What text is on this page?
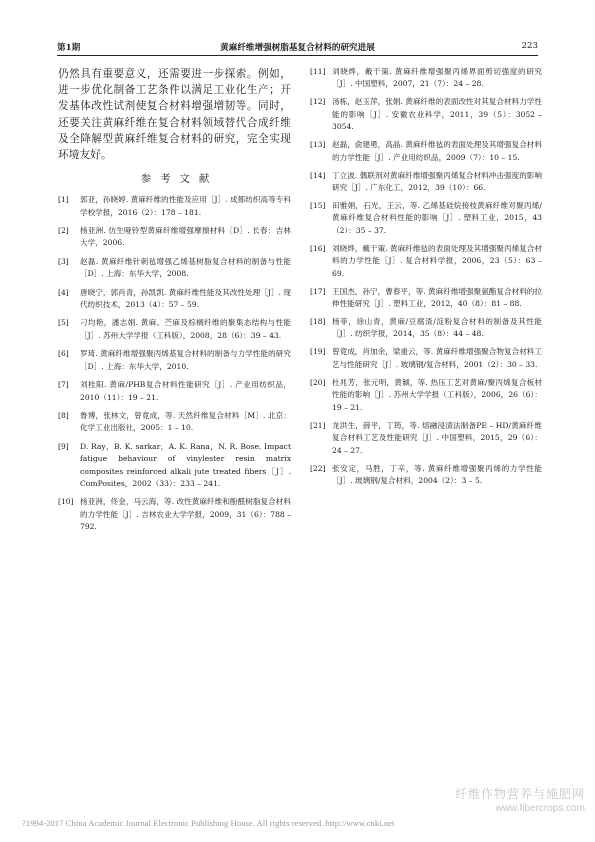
第1期	黄麻纤维增强树脂基复合材料的研究进展	223

仍然具有重要意义，还需要进一步探索。例如，进一步优化制备工艺条件以满足工业化生产；开发基体改性试剂使复合材料增强增韧等。同时，还要关注黄麻纤维在复合材料领域替代合成纤维及全降解型黄麻纤维复合材料的研究，完全实现环境友好。

参考文献
[1] 郭亚，孙晓婷. 黄麻纤维的性能及应用［J］. 成都纺织高等专科学校学报，2016（2）：178 – 181.
[2] 杨亚洲. 仿生哑铃型黄麻纤维增强摩擦材料［D］. 长春：吉林大学，2006.
[3] 赵磊. 黄麻纤维针刺毡增强乙烯基树脂复合材料的制备与性能［D］. 上海：东华大学，2008.
[4] 唐晓宁，郭肖青，孙凯凯. 黄麻纤维性能及其改性处理［J］. 现代纺织技术，2013（4）：57 – 59.
[5] 刁均艳，潘志娟. 黄麻、苎麻及棕榈纤维的聚集态结构与性能［J］. 苏州大学学报（工科版），2008，28（6）：39 – 43.
[6] 罗琦. 黄麻纤维增强聚丙烯基复合材料的制备与力学性能的研究［D］. 上海：东华大学，2010.
[7] 刘桂阳. 黄麻/PHB复合材料性能研究［J］. 产业用纺织品，2010（11）：19 – 21.
[8] 鲁博，张林文，曾竟成，等. 天然纤维复合材料［M］. 北京：化学工业出版社，2005：1 – 10.
[9] D. Ray，B. K. sarkar，A. K. Rana，N. R. Bose. Impact fatigue behaviour of vinylester resin matrix composites reinforced alkali jute treated fibers［J］. ComPosites，2002（33）：233 – 241.
[10] 杨亚洲，佟金，马云海，等. 改性黄麻纤维和酚醛树脂复合材料的力学性能［J］. 吉林农业大学学报，2009，31（6）：788 – 792.
[11] 刘晓烨，戴干策. 黄麻纤维增强聚丙烯界面剪切强度的研究［J］. 中国塑料，2007，21（7）：24 – 28.
[12] 汤栋，赵玉萍，张娟. 黄麻纤维的表面改性对其复合材料力学性能的影响［J］. 安徽农业科学，2011，39（5）：3052 – 3054.
[13] 赵磊，俞建勇，高晶. 黄麻纤维毡的表面处理及其增强复合材料的力学性能［J］. 产业用纺织品，2009（7）：10 – 15.
[14] 丁立波. 偶联剂对黄麻纤维增强聚丙烯复合材料冲击强度的影响研究［J］. 广东化工，2012，39（10）：66.
[15] 田雅娟，石光，王云，等. 乙烯基硅烷接枝黄麻纤维对聚丙烯/黄麻纤维复合材料性能的影响［J］. 塑料工业，2015，43（2）：35 – 37.
[16] 刘晓烨，戴干策. 黄麻纤维毡的表面处理及其增强聚丙烯复合材料的力学性能［J］. 复合材料学报，2006，23（5）：63 – 69.
[17] 王国杰，孙宁，曹春平，等. 黄麻纤维增强聚氨酯复合材料的拉伸性能研究［J］. 塑料工业，2012，40（8）：81 – 88.
[18] 杨菲，徐山青，黄麻/豆腐渣/淀粉复合材料的制备及其性能［J］. 纺织学报，2014，35（8）：44 – 48.
[19] 曾竟成，肖加余，梁重云，等. 黄麻纤维增强聚合物复合材料工艺与性能研究［J］. 玻璃钢/复合材料，2001（2）：30 – 33.
[20] 杜兆芳，张元明，黄颖，等. 热压工艺对黄麻/聚丙烯复合板材性能的影响［J］. 苏州大学学报（工科版），2006，26（6）：19 – 21.
[21] 龙洪生，薛平，丁筠，等. 熔融浸渍法制备PE – HD/黄麻纤维复合材料工艺及性能研究［J］. 中国塑料，2015，29（6）：24 – 27.
[22] 张安定，马胜，丁辛，等. 黄麻纤维增强聚丙烯的力学性能［J］. 玻璃钢/复合材料，2004（2）：3 – 5.
?1994-2017 China Academic Journal Electronic Publishing House. All rights reserved. http://www.cnki.net
纤维作物营养与施肥网
www.fibercrops.com
